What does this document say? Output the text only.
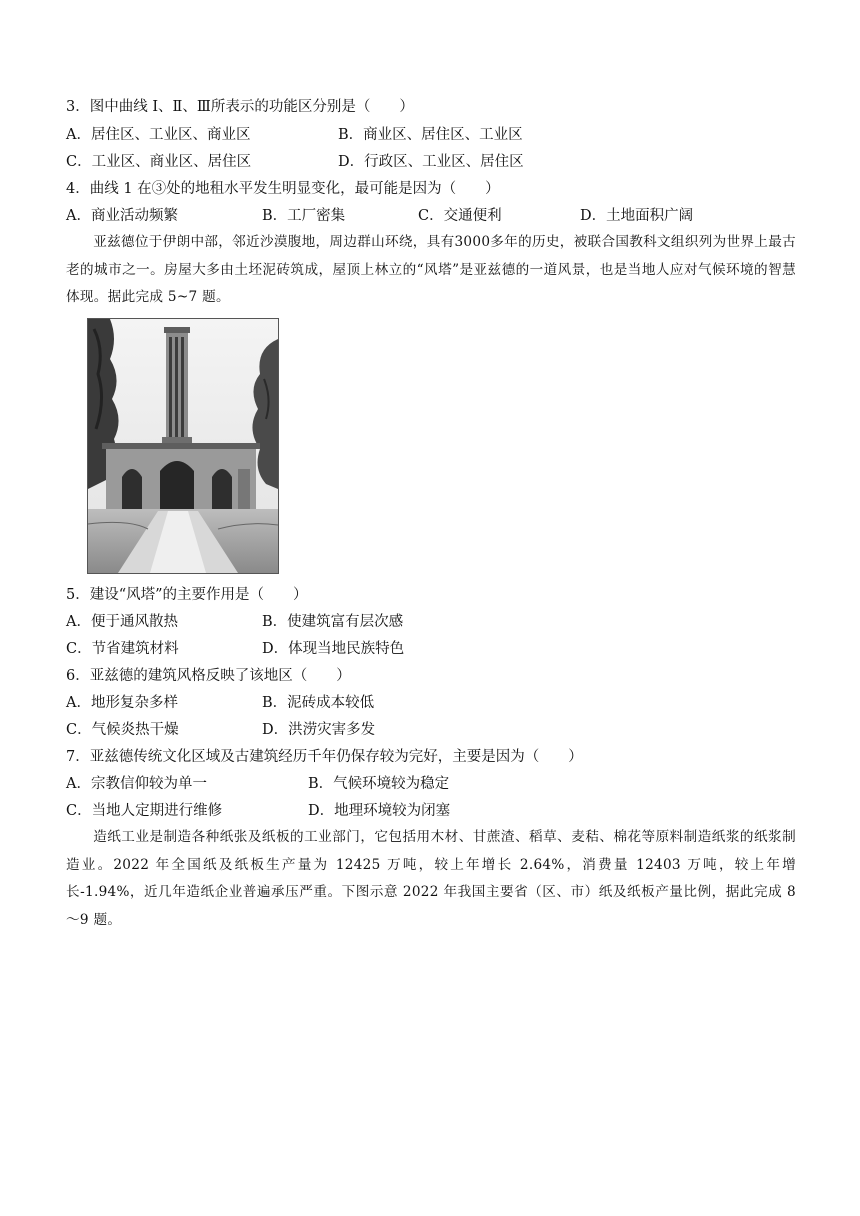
3．图中曲线 I、Ⅱ、Ⅲ所表示的功能区分别是（　　）
A．居住区、工业区、商业区	B．商业区、居住区、工业区
C．工业区、商业区、居住区	D．行政区、工业区、居住区
4．曲线 1 在③处的地租水平发生明显变化，最可能是因为（　　）
A．商业活动频繁	B．工厂密集	C．交通便利	D．土地面积广阔
亚兹德位于伊朗中部，邻近沙漠腹地，周边群山环绕，具有3000多年的历史，被联合国教科文组织列为世界上最古老的城市之一。房屋大多由土坯泥砖筑成，屋顶上林立的“风塔”是亚兹德的一道风景，也是当地人应对气候环境的智慧体现。据此完成 5~7 题。
5．建设“风塔”的主要作用是（　　）
A．便于通风散热	B．使建筑富有层次感
C．节省建筑材料	D．体现当地民族特色
6．亚兹德的建筑风格反映了该地区（　　）
A．地形复杂多样	B．泥砖成本较低
C．气候炎热干燥	D．洪涝灾害多发
7．亚兹德传统文化区域及古建筑经历千年仍保存较为完好，主要是因为（　　）
A．宗教信仰较为单一	B．气候环境较为稳定
C．当地人定期进行维修	D．地理环境较为闭塞
造纸工业是制造各种纸张及纸板的工业部门，它包括用木材、甘蔗渣、稻草、麦秸、棉花等原料制造纸浆的纸浆制造业。2022 年全国纸及纸板生产量为 12425 万吨，较上年增长 2.64%，消费量 12403 万吨，较上年增长-1.94%，近几年造纸企业普遍承压严重。下图示意 2022 年我国主要省（区、市）纸及纸板产量比例，据此完成 8～9 题。
